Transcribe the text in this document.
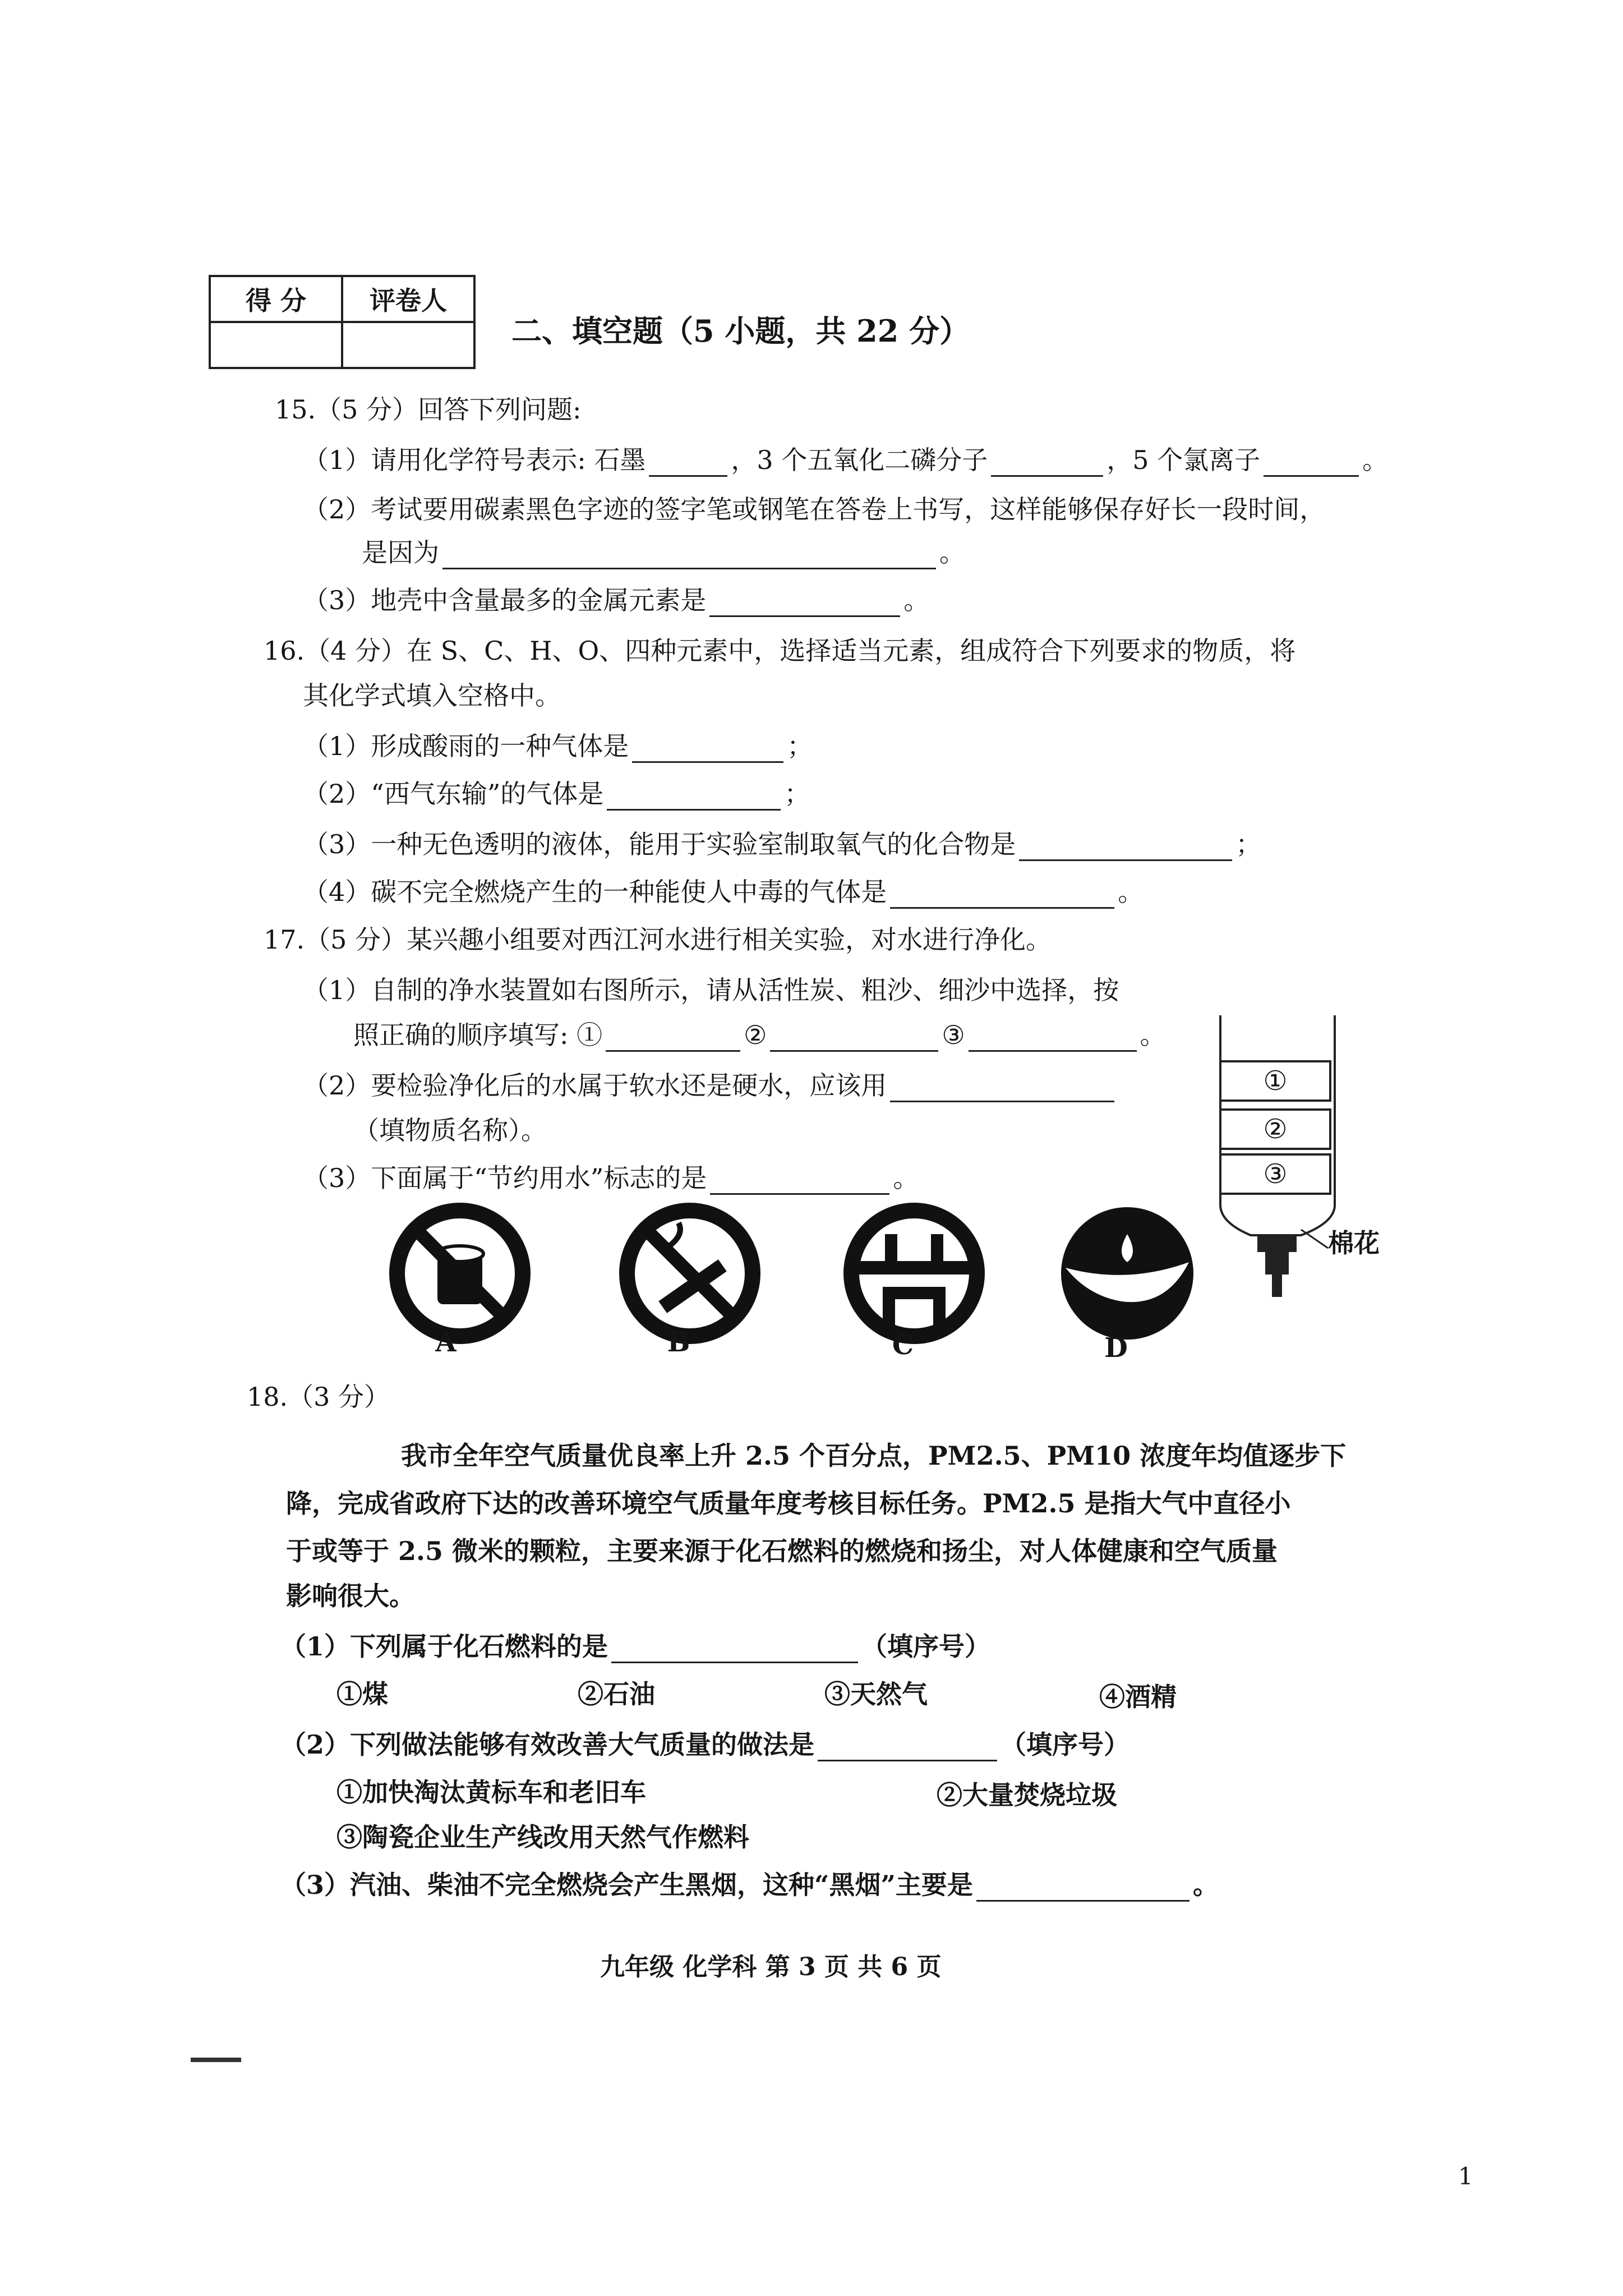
得 分	评卷人

二、填空题（5 小题，共 22 分）
15.（5 分）回答下列问题:
（1）请用化学符号表示: 石墨	，3 个五氧化二磷分子	，5 个氯离子	。
（2）考试要用碳素黑色字迹的签字笔或钢笔在答卷上书写，这样能够保存好长一段时间，
是因为	。
（3）地壳中含量最多的金属元素是	。
16.（4 分）在 S、C、H、O、四种元素中，选择适当元素，组成符合下列要求的物质，将
其化学式填入空格中。
（1）形成酸雨的一种气体是	；
（2）“西气东输”的气体是	；
（3）一种无色透明的液体，能用于实验室制取氧气的化合物是	；
（4）碳不完全燃烧产生的一种能使人中毒的气体是	。
17.（5 分）某兴趣小组要对西江河水进行相关实验，对水进行净化。
（1）自制的净水装置如右图所示，请从活性炭、粗沙、细沙中选择，按
照正确的顺序填写: ①	②	③	。
（2）要检验净化后的水属于软水还是硬水，应该用
（填物质名称）。
（3）下面属于“节约用水”标志的是	。
①
②
③
棉花
A	B	C	D
18.（3 分）
我市全年空气质量优良率上升 2.5 个百分点，PM2.5、PM10 浓度年均值逐步下
降，完成省政府下达的改善环境空气质量年度考核目标任务。PM2.5 是指大气中直径小
于或等于 2.5 微米的颗粒，主要来源于化石燃料的燃烧和扬尘，对人体健康和空气质量
影响很大。
（1）下列属于化石燃料的是	（填序号）
①煤	②石油	③天然气	④酒精
（2）下列做法能够有效改善大气质量的做法是	（填序号）
①加快淘汰黄标车和老旧车	②大量焚烧垃圾
③陶瓷企业生产线改用天然气作燃料
（3）汽油、柴油不完全燃烧会产生黑烟，这种“黑烟”主要是	。
九年级 化学科 第 3 页 共 6 页
1
